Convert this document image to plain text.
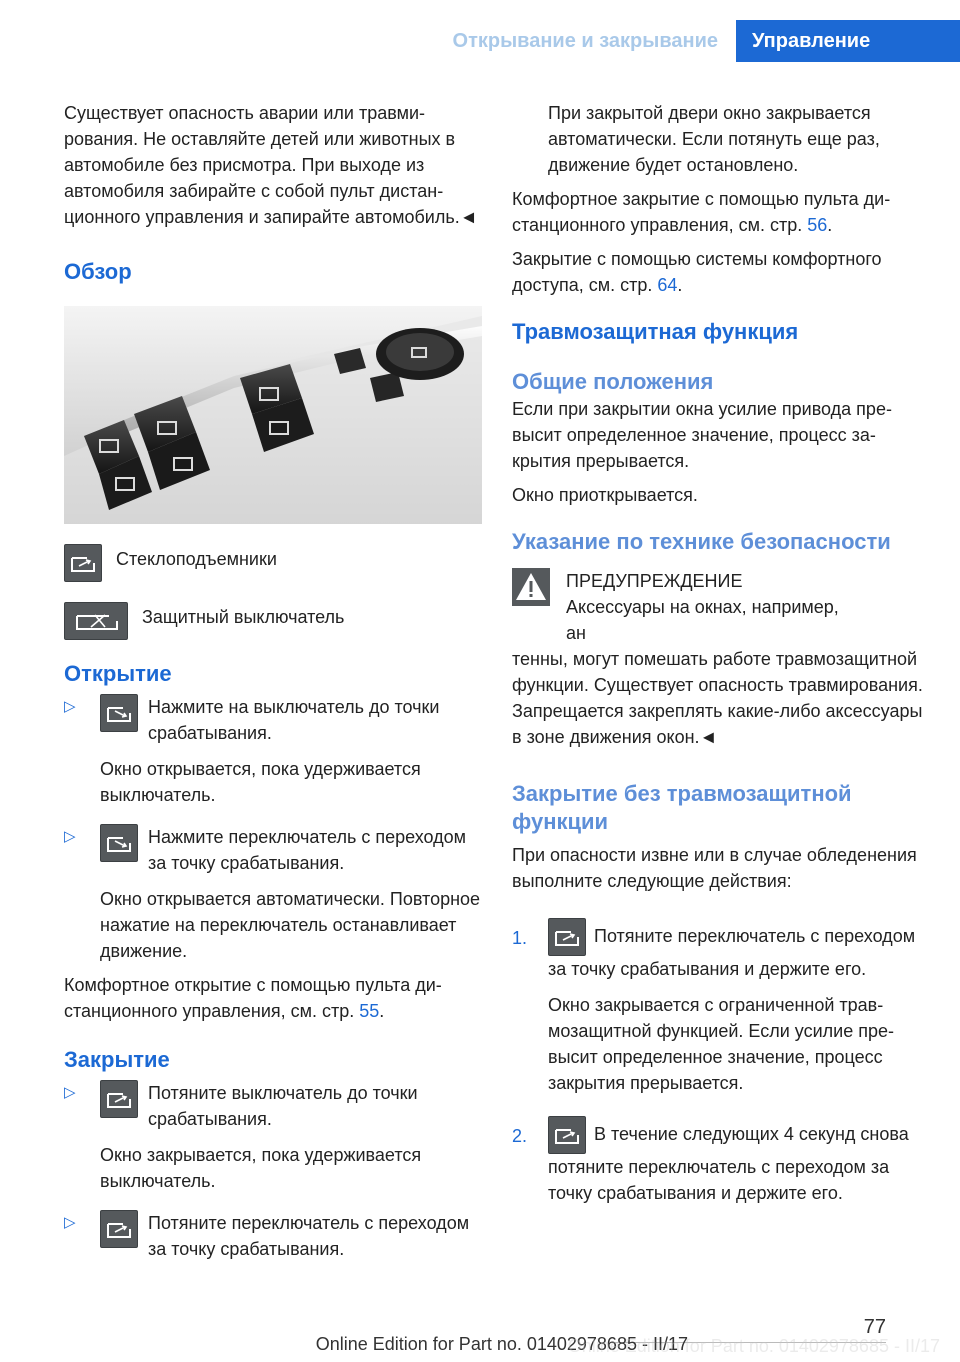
Открывание и закрывание	Управление

Существует опасность аварии или травмирования. Не оставляйте детей или животных в автомобиле без присмотра. При выходе из автомобиля забирайте с собой пульт дистанционного управления и запирайте автомобиль.◄

Обзор

Стеклоподъемники

Защитный выключатель

Открытие
▷	Нажмите на выключатель до точки срабатывания.

Окно открывается, пока удерживается выключатель.

▷	Нажмите переключатель с переходом за точку срабатывания.

Окно открывается автоматически. Повторное нажатие на переключатель останавливает движение.

Комфортное открытие с помощью пульта дистанционного управления, см. стр. 55.

Закрытие
▷	Потяните выключатель до точки срабатывания.

Окно закрывается, пока удерживается выключатель.

▷	Потяните переключатель с переходом за точку срабатывания.

При закрытой двери окно закрывается автоматически. Если потянуть еще раз, движение будет остановлено.

Комфортное закрытие с помощью пульта дистанционного управления, см. стр. 56.

Закрытие с помощью системы комфортного доступа, см. стр. 64.

Травмозащитная функция
Общие положения

Если при закрытии окна усилие привода превысит определенное значение, процесс закрытия прерывается.

Окно приоткрывается.

Указание по технике безопасности

ПРЕДУПРЕЖДЕНИЕ

Аксессуары на окнах, например, ан

тенны, могут помешать работе травмозащитной функции. Существует опасность травмирования. Запрещается закреплять какие-либо аксессуары в зоне движения окон.◄

Закрытие без травмозащитной функции

При опасности извне или в случае обледенения выполните следующие действия:

1.	Потяните переключатель с переходом за точку срабатывания и держите его.

Окно закрывается с ограниченной травмозащитной функцией. Если усилие превысит определенное значение, процесс закрытия прерывается.

2.	В течение следующих 4 секунд снова потяните переключатель с переходом за точку срабатывания и держите его.

77
Online Edition for Part no. 01402978685 - II/17
Online Edition for Part no. 01402978685 - II/17
